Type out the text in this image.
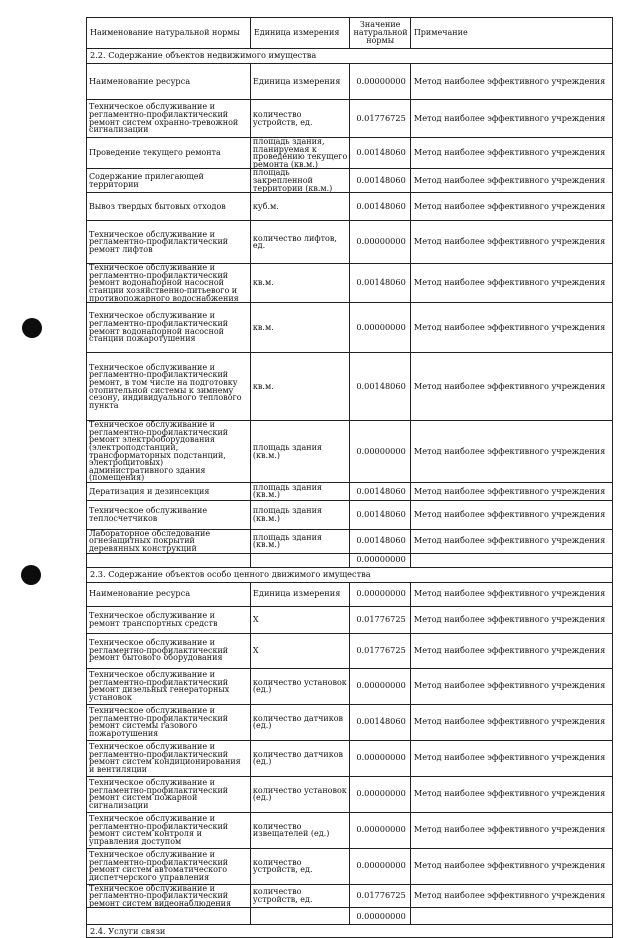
Наименование натуральной нормы	Единица измерения	Значение натуральной нормы	Примечание
2.2. Содержание объектов недвижимого имущества			
Наименование ресурса	Единица измерения	0.00000000	Метод наиболее эффективного учреждения
Техническое обслуживание и регламентно-профилактический ремонт систем охранно-тревожной сигнализации	количество устройств, ед.	0.01776725	Метод наиболее эффективного учреждения
Проведение текущего ремонта	площадь здания, планируемая к проведению текущего ремонта (кв.м.)	0.00148060	Метод наиболее эффективного учреждения
Содержание прилегающей территории	площадь закрепленной территории (кв.м.)	0.00148060	Метод наиболее эффективного учреждения
Вывоз твердых бытовых отходов	куб.м.	0.00148060	Метод наиболее эффективного учреждения
Техническое обслуживание и регламентно-профилактический ремонт лифтов	количество лифтов, ед.	0.00000000	Метод наиболее эффективного учреждения
Техническое обслуживание и регламентно-профилактический ремонт водонапорной насосной станции хозяйственно-питьевого и противопожарного водоснабжения	кв.м.	0.00148060	Метод наиболее эффективного учреждения
Техническое обслуживание и регламентно-профилактический ремонт водонапорной насосной станции пожаротушения	кв.м.	0.00000000	Метод наиболее эффективного учреждения
Техническое обслуживание и регламентно-профилактический ремонт, в том числе на подготовку отопительной системы к зимнему сезону, индивидуального теплового пункта	кв.м.	0.00148060	Метод наиболее эффективного учреждения
Техническое обслуживание и регламентно-профилактический ремонт электрооборудования (электроподстанций, трансформаторных подстанций, электрощитовых) административного здания (помещения)	площадь здания (кв.м.)	0.00000000	Метод наиболее эффективного учреждения
Дератизация и дезинсекция	площадь здания (кв.м.)	0.00148060	Метод наиболее эффективного учреждения
Техническое обслуживание теплосчетчиков	площадь здания (кв.м.)	0.00148060	Метод наиболее эффективного учреждения
Лабораторное обследование огнезащитных покрытий деревянных конструкций	площадь здания (кв.м.)	0.00148060	Метод наиболее эффективного учреждения
		0.00000000	
2.3. Содержание объектов особо ценного движимого имущества			
Наименование ресурса	Единица измерения	0.00000000	Метод наиболее эффективного учреждения
Техническое обслуживание и ремонт транспортных средств	Х	0.01776725	Метод наиболее эффективного учреждения
Техническое обслуживание и регламентно-профилактический ремонт бытового оборудования	Х	0.01776725	Метод наиболее эффективного учреждения
Техническое обслуживание и регламентно-профилактический ремонт дизельных генераторных установок	количество установок (ед.)	0.00000000	Метод наиболее эффективного учреждения
Техническое обслуживание и регламентно-профилактический ремонт системы газового пожаротушения	количество датчиков (ед.)	0.00148060	Метод наиболее эффективного учреждения
Техническое обслуживание и регламентно-профилактический ремонт систем кондиционирования и вентиляции	количество датчиков (ед.)	0.00000000	Метод наиболее эффективного учреждения
Техническое обслуживание и регламентно-профилактический ремонт систем пожарной сигнализации	количество установок (ед.)	0.00000000	Метод наиболее эффективного учреждения
Техническое обслуживание и регламентно-профилактический ремонт систем контроля и управления доступом	количество извещателей (ед.)	0.00000000	Метод наиболее эффективного учреждения
Техническое обслуживание и регламентно-профилактический ремонт систем автоматического диспетчерского управления	количество устройств, ед.	0.00000000	Метод наиболее эффективного учреждения
Техническое обслуживание и регламентно-профилактический ремонт систем видеонаблюдения	количество устройств, ед.	0.01776725	Метод наиболее эффективного учреждения
		0.00000000	
2.4. Услуги связи			
